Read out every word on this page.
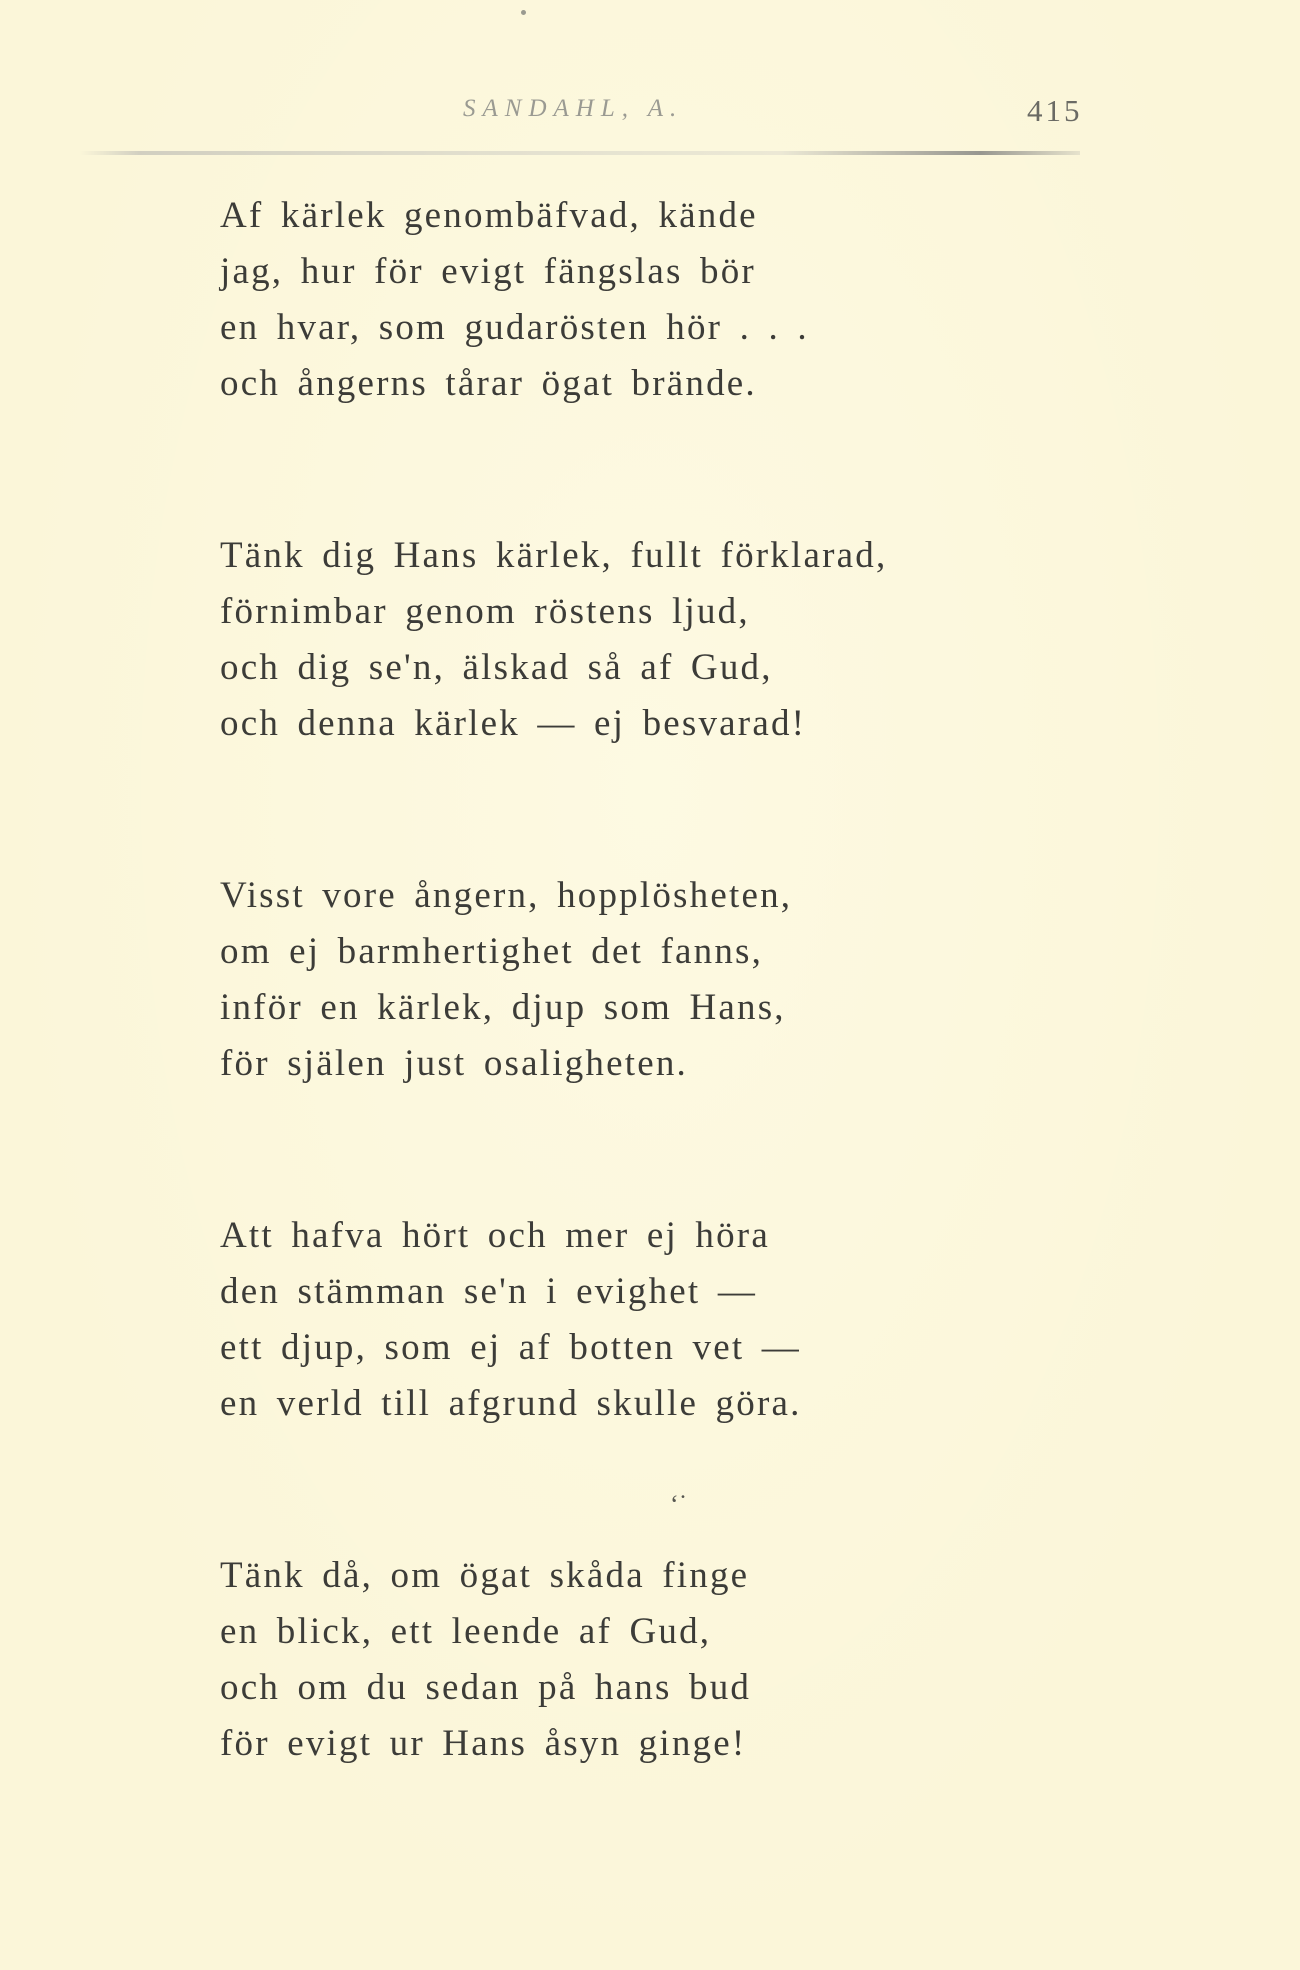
SANDAHL, A.	415
Af kärlek genombäfvad, kände
jag, hur för evigt fängslas bör
en hvar, som gudarösten hör . . .
och ångerns tårar ögat brände.
Tänk dig Hans kärlek, fullt förklarad,
förnimbar genom röstens ljud,
och dig se'n, älskad så af Gud,
och denna kärlek — ej besvarad!
Visst vore ångern, hopplösheten,
om ej barmhertighet det fanns,
inför en kärlek, djup som Hans,
för själen just osaligheten.
Att hafva hört och mer ej höra
den stämman se'n i evighet —
ett djup, som ej af botten vet —
en verld till afgrund skulle göra.
Tänk då, om ögat skåda finge
en blick, ett leende af Gud,
och om du sedan på hans bud
för evigt ur Hans åsyn ginge!
‘˙
